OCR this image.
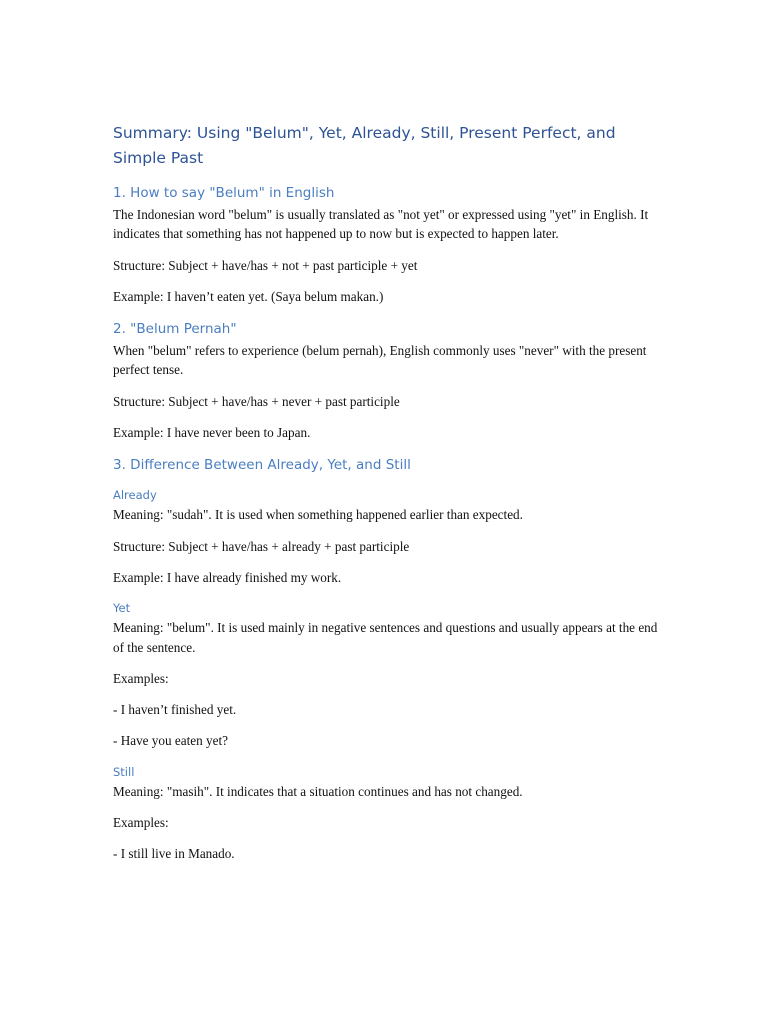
Summary: Using "Belum", Yet, Already, Still, Present Perfect, and Simple Past
1. How to say "Belum" in English
The Indonesian word "belum" is usually translated as "not yet" or expressed using "yet" in English. It indicates that something has not happened up to now but is expected to happen later.
Structure: Subject + have/has + not + past participle + yet
Example: I haven’t eaten yet. (Saya belum makan.)
2. "Belum Pernah"
When "belum" refers to experience (belum pernah), English commonly uses "never" with the present perfect tense.
Structure: Subject + have/has + never + past participle
Example: I have never been to Japan.
3. Difference Between Already, Yet, and Still
Already
Meaning: "sudah". It is used when something happened earlier than expected.
Structure: Subject + have/has + already + past participle
Example: I have already finished my work.
Yet
Meaning: "belum". It is used mainly in negative sentences and questions and usually appears at the end of the sentence.
Examples:
- I haven’t finished yet.
- Have you eaten yet?
Still
Meaning: "masih". It indicates that a situation continues and has not changed.
Examples:
- I still live in Manado.
